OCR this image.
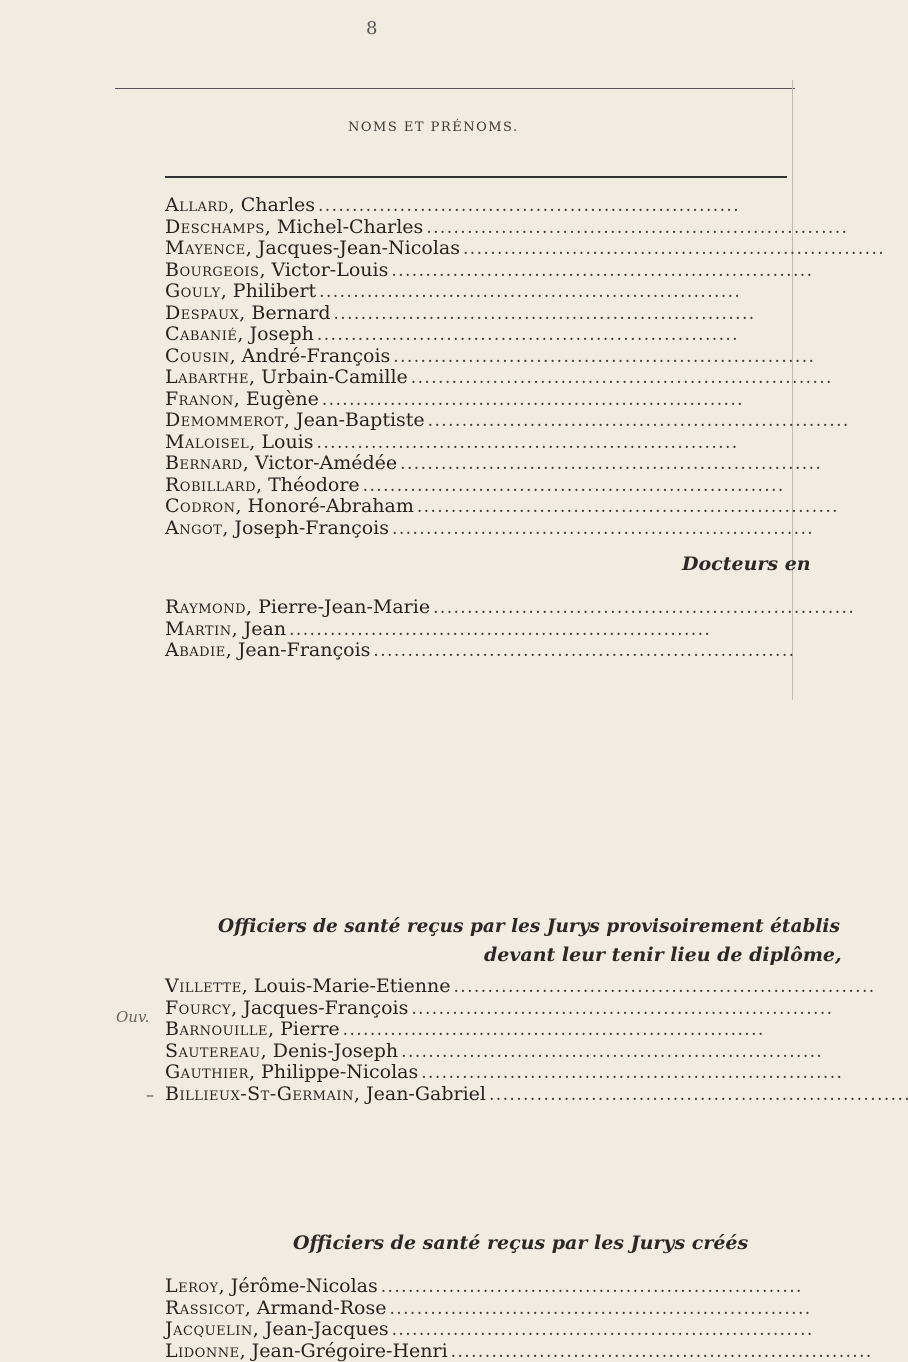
8
NOMS ET PRÉNOMS.
Allard, Charles
. . .
Deschamps, Michel-Charles
. . .
Mayence, Jacques-Jean-Nicolas
. . .
Bourgeois, Victor-Louis
. . .
Gouly, Philibert
. . .
Despaux, Bernard
. . .
Cabanié, Joseph
. . .
Cousin, André-François
. . .
Labarthe, Urbain-Camille
. . .
Franon, Eugène
. . .
Demommerot, Jean-Baptiste
. . .
Maloisel, Louis
. . .
Bernard, Victor-Amédée
. . .
Robillard, Théodore
. . .
Codron, Honoré-Abraham
. . .
Angot, Joseph-François
. . .
Docteurs en
Raymond, Pierre-Jean-Marie
. . .
Martin, Jean
. . .
Abadie, Jean-François
. . .
Officiers de santé reçus par les Jurys provisoirement établis
devant leur tenir lieu de diplôme,
Villette, Louis-Marie-Etienne
. . .
Fourcy, Jacques-François
. . .
Barnouille, Pierre
. . .
Sautereau, Denis-Joseph
. . .
Gauthier, Philippe-Nicolas
. . .
Billieux-St-Germain, Jean-Gabriel
. . .
Officiers de santé reçus par les Jurys créés
Leroy, Jérôme-Nicolas
. . .
Rassicot, Armand-Rose
. . .
Jacquelin, Jean-Jacques
. . .
Lidonne, Jean-Grégoire-Henri
. . .
Ouv.
–
